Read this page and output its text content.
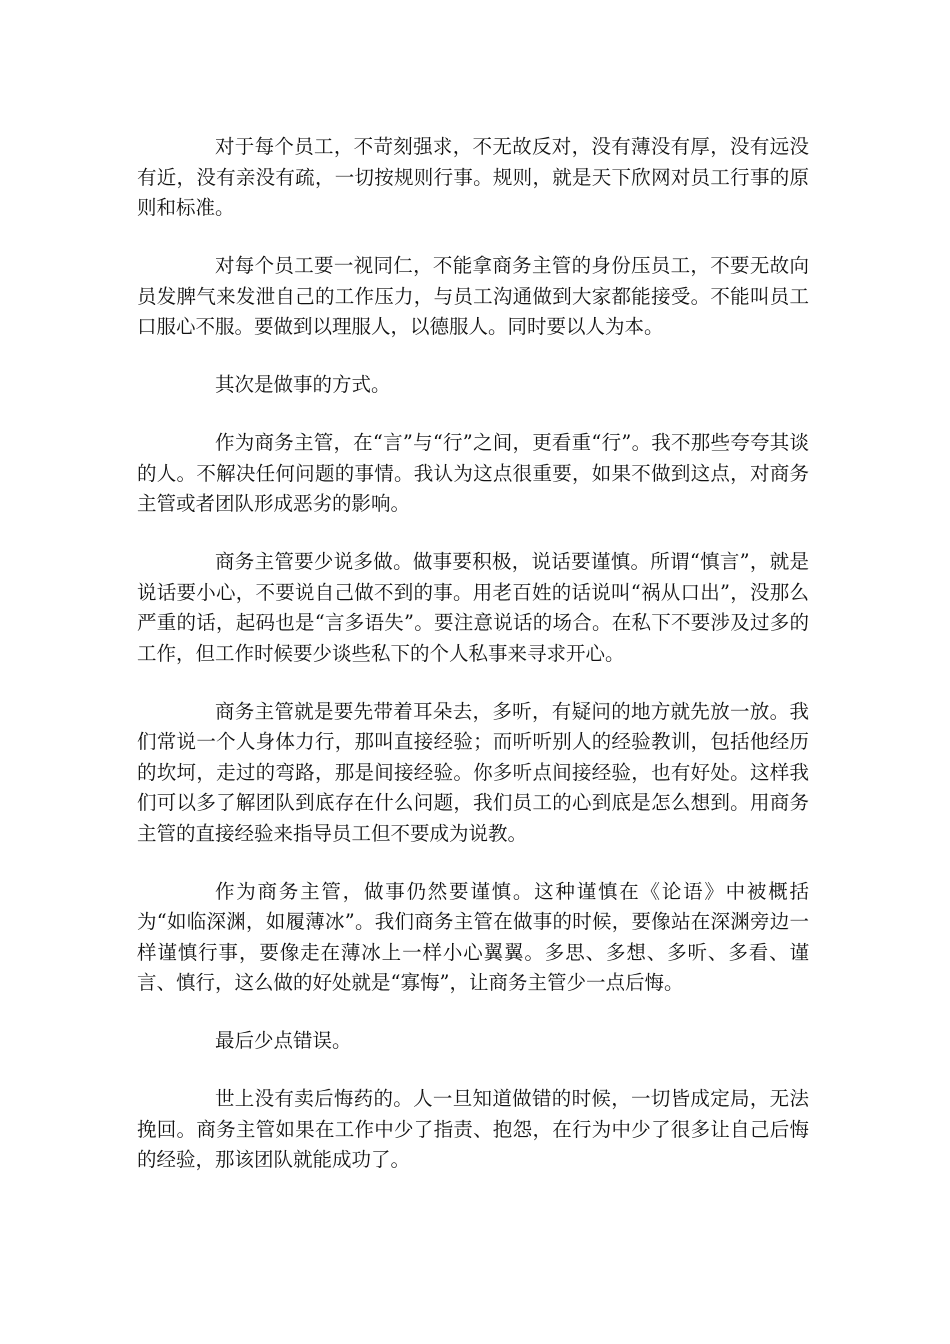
对于每个员工，不苛刻强求，不无故反对，没有薄没有厚，没有远没有近，没有亲没有疏，一切按规则行事。规则，就是天下欣网对员工行事的原则和标准。

对每个员工要一视同仁，不能拿商务主管的身份压员工，不要无故向员发脾气来发泄自己的工作压力，与员工沟通做到大家都能接受。不能叫员工口服心不服。要做到以理服人，以德服人。同时要以人为本。

其次是做事的方式。

作为商务主管，在“言”与“行”之间，更看重“行”。我不那些夸夸其谈的人。不解决任何问题的事情。我认为这点很重要，如果不做到这点，对商务主管或者团队形成恶劣的影响。

商务主管要少说多做。做事要积极，说话要谨慎。所谓“慎言”，就是说话要小心，不要说自己做不到的事。用老百姓的话说叫“祸从口出”，没那么严重的话，起码也是“言多语失”。要注意说话的场合。在私下不要涉及过多的工作，但工作时候要少谈些私下的个人私事来寻求开心。

商务主管就是要先带着耳朵去，多听，有疑问的地方就先放一放。我们常说一个人身体力行，那叫直接经验；而听听别人的经验教训，包括他经历的坎坷，走过的弯路，那是间接经验。你多听点间接经验，也有好处。这样我们可以多了解团队到底存在什么问题，我们员工的心到底是怎么想到。用商务主管的直接经验来指导员工但不要成为说教。

作为商务主管，做事仍然要谨慎。这种谨慎在《论语》中被概括为“如临深渊，如履薄冰”。我们商务主管在做事的时候，要像站在深渊旁边一样谨慎行事，要像走在薄冰上一样小心翼翼。多思、多想、多听、多看、谨言、慎行，这么做的好处就是“寡悔”，让商务主管少一点后悔。

最后少点错误。

世上没有卖后悔药的。人一旦知道做错的时候，一切皆成定局，无法挽回。商务主管如果在工作中少了指责、抱怨，在行为中少了很多让自己后悔的经验，那该团队就能成功了。
